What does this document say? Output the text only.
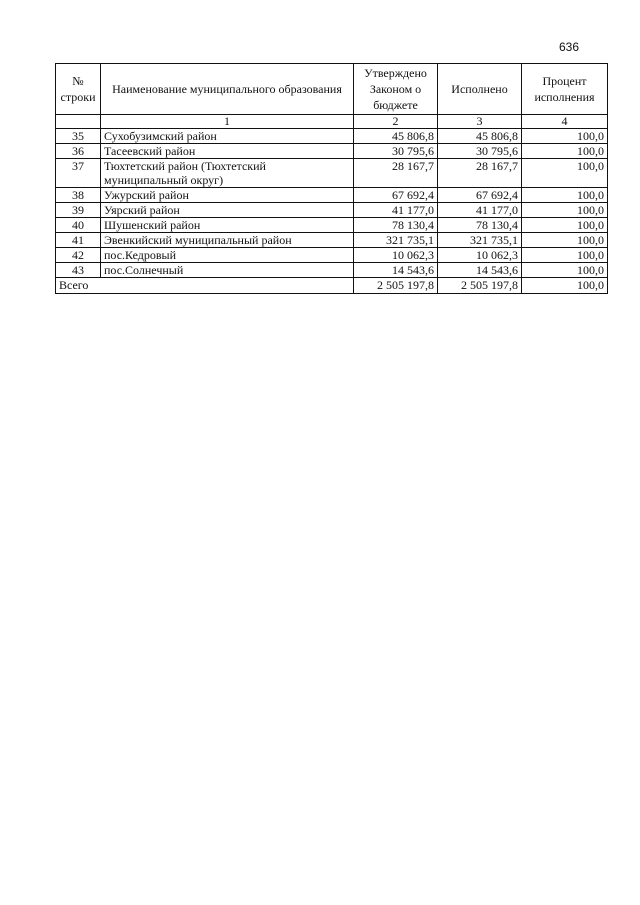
636
№ строки	Наименование муниципального образования	Утверждено Законом о бюджете	Исполнено	Процент исполнения
	1	2	3	4
35	Сухобузимский район	45 806,8	45 806,8	100,0
36	Тасеевский район	30 795,6	30 795,6	100,0
37	Тюхтетский район (Тюхтетский муниципальный округ)	28 167,7	28 167,7	100,0
38	Ужурский район	67 692,4	67 692,4	100,0
39	Уярский район	41 177,0	41 177,0	100,0
40	Шушенский район	78 130,4	78 130,4	100,0
41	Эвенкийский муниципальный район	321 735,1	321 735,1	100,0
42	пос.Кедровый	10 062,3	10 062,3	100,0
43	пос.Солнечный	14 543,6	14 543,6	100,0
Всего		2 505 197,8	2 505 197,8	100,0
